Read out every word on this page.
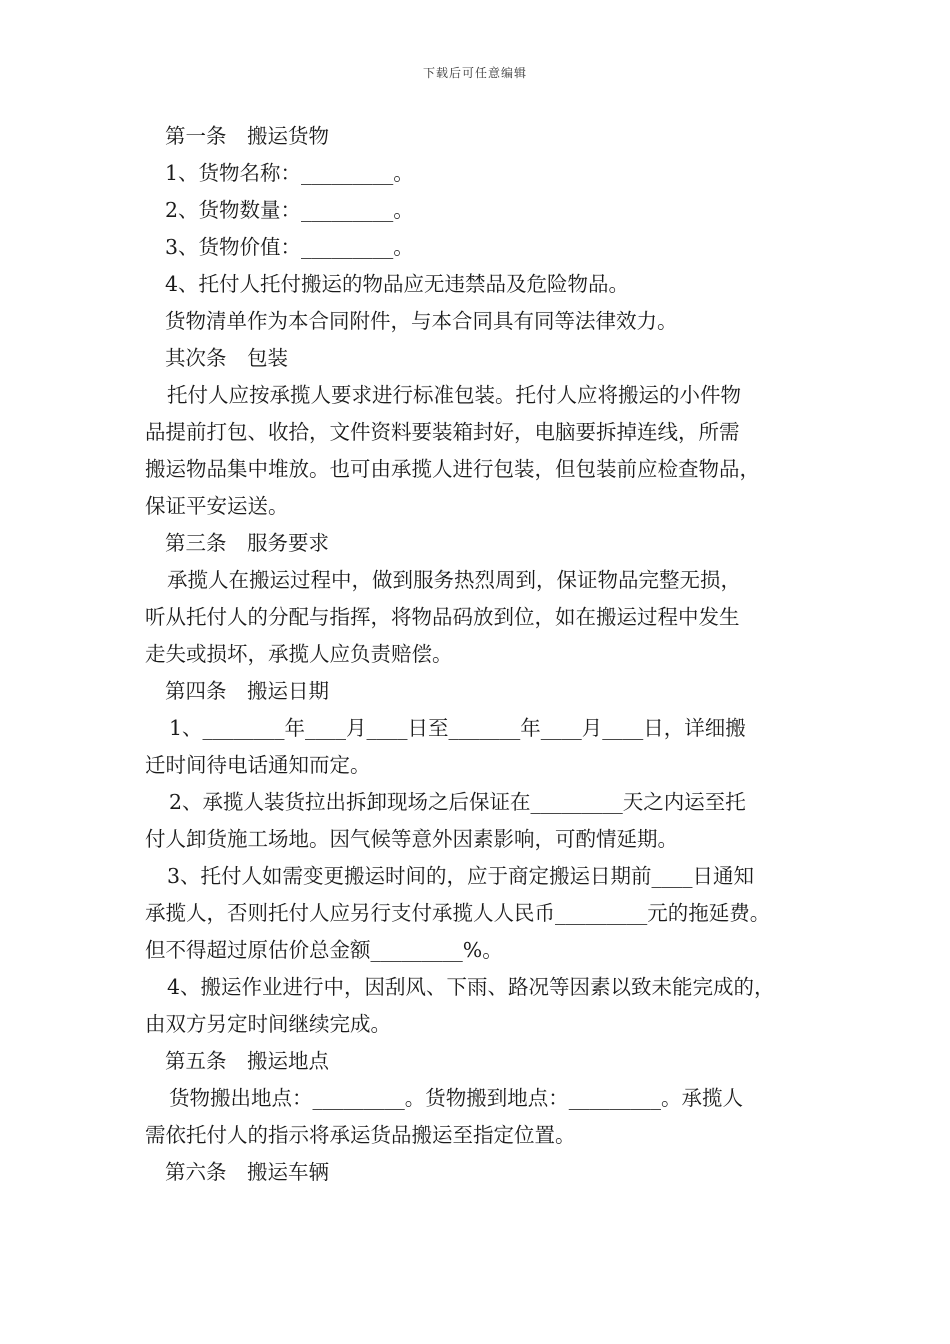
下载后可任意编辑
第一条　搬运货物
1、货物名称：_________。
2、货物数量：_________。
3、货物价值：_________。
4、托付人托付搬运的物品应无违禁品及危险物品。
货物清单作为本合同附件，与本合同具有同等法律效力。
其次条　包装
托付人应按承揽人要求进行标准包装。托付人应将搬运的小件物
品提前打包、收拾，文件资料要装箱封好，电脑要拆掉连线，所需
搬运物品集中堆放。也可由承揽人进行包装，但包装前应检查物品，
保证平安运送。
第三条　服务要求
承揽人在搬运过程中，做到服务热烈周到，保证物品完整无损，
听从托付人的分配与指挥，将物品码放到位，如在搬运过程中发生
走失或损坏，承揽人应负责赔偿。
第四条　搬运日期
1、________年____月____日至_______年____月____日，详细搬
迁时间待电话通知而定。
2、承揽人装货拉出拆卸现场之后保证在_________天之内运至托
付人卸货施工场地。因气候等意外因素影响，可酌情延期。
3、托付人如需变更搬运时间的，应于商定搬运日期前____日通知
承揽人，否则托付人应另行支付承揽人人民币_________元的拖延费。
但不得超过原估价总金额_________%。
4、搬运作业进行中，因刮风、下雨、路况等因素以致未能完成的，
由双方另定时间继续完成。
第五条　搬运地点
货物搬出地点：_________。货物搬到地点：_________。承揽人
需依托付人的指示将承运货品搬运至指定位置。
第六条　搬运车辆
